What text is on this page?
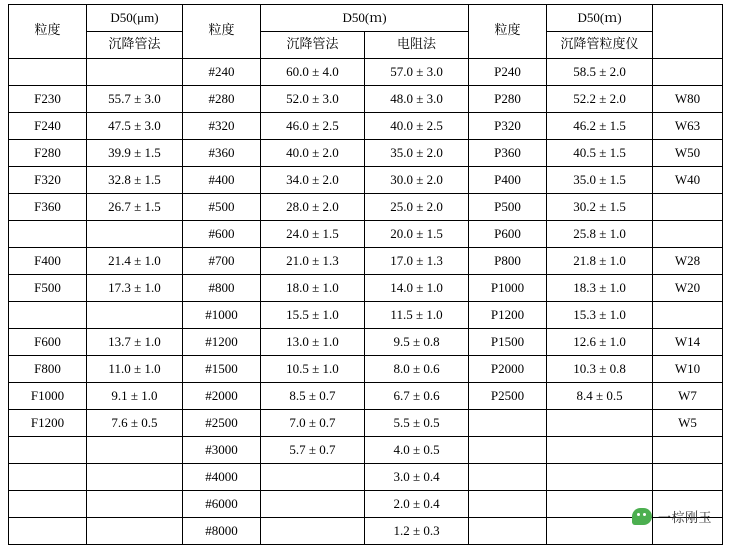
粒度	D50(μm)	粒度	D50(ｍ)		粒度	D50(ｍ)	
	沉降管法		沉降管法	电阻法		沉降管粒度仪	
		#240	60.0 ± 4.0	57.0 ± 3.0	P240	58.5 ± 2.0	
F230	55.7 ± 3.0	#280	52.0 ± 3.0	48.0 ± 3.0	P280	52.2 ± 2.0	W80
F240	47.5 ± 3.0	#320	46.0 ± 2.5	40.0 ± 2.5	P320	46.2 ± 1.5	W63
F280	39.9 ± 1.5	#360	40.0 ± 2.0	35.0 ± 2.0	P360	40.5 ± 1.5	W50
F320	32.8 ± 1.5	#400	34.0 ± 2.0	30.0 ± 2.0	P400	35.0 ± 1.5	W40
F360	26.7 ± 1.5	#500	28.0 ± 2.0	25.0 ± 2.0	P500	30.2 ± 1.5	
		#600	24.0 ± 1.5	20.0 ± 1.5	P600	25.8 ± 1.0	
F400	21.4 ± 1.0	#700	21.0 ± 1.3	17.0 ± 1.3	P800	21.8 ± 1.0	W28
F500	17.3 ± 1.0	#800	18.0 ± 1.0	14.0 ± 1.0	P1000	18.3 ± 1.0	W20
		#1000	15.5 ± 1.0	11.5 ± 1.0	P1200	15.3 ± 1.0	
F600	13.7 ± 1.0	#1200	13.0 ± 1.0	9.5 ± 0.8	P1500	12.6 ± 1.0	W14
F800	11.0 ± 1.0	#1500	10.5 ± 1.0	8.0 ± 0.6	P2000	10.3 ± 0.8	W10
F1000	9.1 ± 1.0	#2000	8.5 ± 0.7	6.7 ± 0.6	P2500	8.4 ± 0.5	W7
F1200	7.6 ± 0.5	#2500	7.0 ± 0.7	5.5 ± 0.5			W5
		#3000	5.7 ± 0.7	4.0 ± 0.5			
		#4000		3.0 ± 0.4			
		#6000		2.0 ± 0.4			
		#8000		1.2 ± 0.3			
一棕刚玉
